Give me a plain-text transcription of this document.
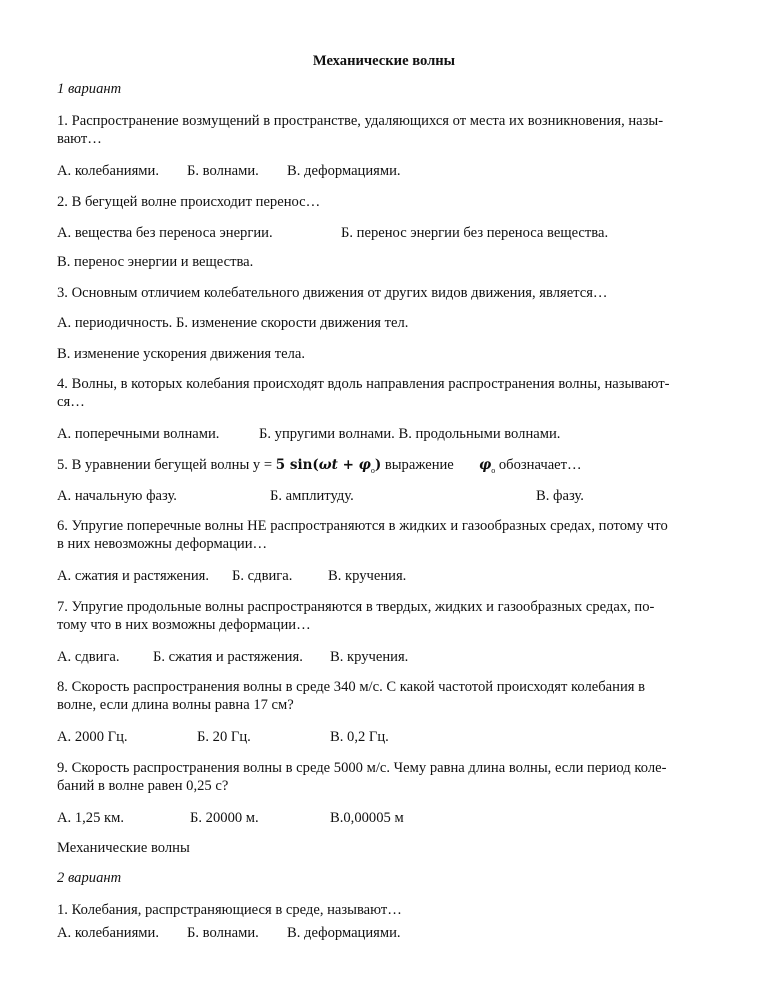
Механические волны
1 вариант
1. Распространение возмущений в пространстве, удаляющихся от места их возникновения, назы-
вают…
А. колебаниями. Б. волнами. В. деформациями.
2. В бегущей волне происходит перенос…
А. вещества без переноса энергии.	Б. перенос энергии без переноса вещества.
В. перенос энергии и вещества.
3. Основным отличием колебательного движения от других видов движения, является…
А. периодичность. Б. изменение скорости движения тел.
В. изменение ускорения движения тела.
4. Волны, в которых колебания происходят вдоль направления распространения волны, называют-
ся…
А. поперечными волнами.	Б. упругими волнами. В. продольными волнами.
5. В уравнении бегущей волны y = 5 $\sin(\omega t + \varphi_o)$ выражение $\varphi_o$ обозначает…
А. начальную фазу.	Б. амплитуду.	В. фазу.
6. Упругие поперечные волны НЕ распространяются в жидких и газообразных средах, потому что
в них невозможны деформации…
А. сжатия и растяжения. Б. сдвига. В. кручения.
7. Упругие продольные волны распространяются в твердых, жидких и газообразных средах, по-
тому что в них возможны деформации…
А. сдвига. Б. сжатия и растяжения. В. кручения.
8. Скорость распространения волны в среде 340 м/с. С какой частотой происходят колебания в
волне, если длина волны равна 17 см?
А. 2000 Гц.	Б. 20 Гц.	В. 0,2 Гц.
9. Скорость распространения волны в среде 5000 м/с. Чему равна длина волны, если период коле-
баний в волне равен 0,25 с?
А. 1,25 км.	Б. 20000 м.	В.0,00005 м
Механические волны
2 вариант
1. Колебания, распрстраняющиеся в среде, называют…
А. колебаниями. Б. волнами. В. деформациями.
